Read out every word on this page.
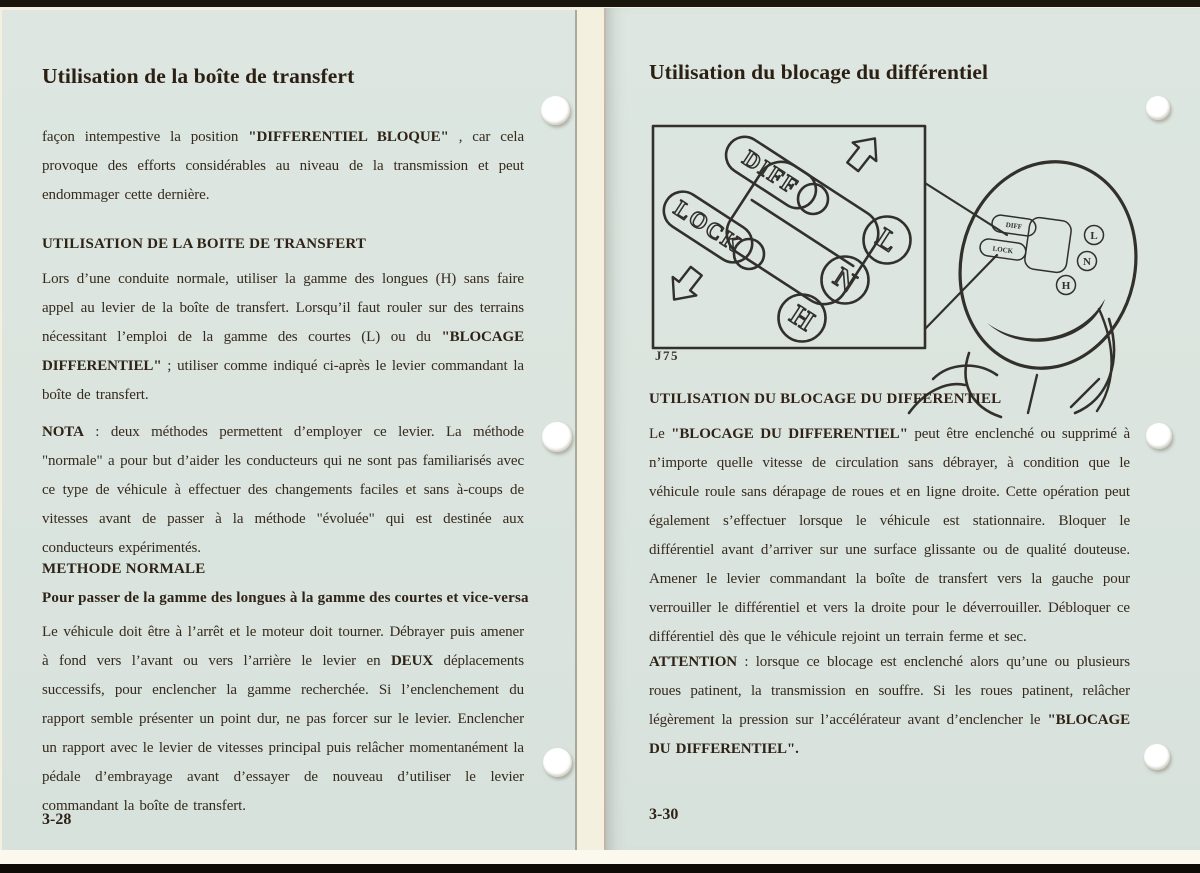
Utilisation de la boîte de transfert

façon intempestive la position "DIFFERENTIEL BLOQUE" , car cela provoque des efforts considérables au niveau de la transmission et peut endommager cette dernière.

UTILISATION DE LA BOITE DE TRANSFERT

Lors d’une conduite normale, utiliser la gamme des longues (H) sans faire appel au levier de la boîte de transfert. Lorsqu’il faut rouler sur des terrains nécessitant l’emploi de la gamme des courtes (L) ou du "BLOCAGE DIFFERENTIEL" ; utiliser comme indiqué ci-après le levier commandant la boîte de transfert.

NOTA : deux méthodes permettent d’employer ce levier. La méthode "normale" a pour but d’aider les conducteurs qui ne sont pas familiarisés avec ce type de véhicule à effectuer des changements faciles et sans à-coups de vitesses avant de passer à la méthode "évoluée" qui est destinée aux conducteurs expérimentés.

METHODE NORMALE
Pour passer de la gamme des longues à la gamme des courtes et vice-versa

Le véhicule doit être à l’arrêt et le moteur doit tourner. Débrayer puis amener à fond vers l’avant ou vers l’arrière le levier en DEUX déplacements successifs, pour enclencher la gamme recherchée. Si l’enclenchement du rapport semble présenter un point dur, ne pas forcer sur le levier. Enclencher un rapport avec le levier de vitesses principal puis relâcher momentanément la pédale d’embrayage avant d’essayer de nouveau d’utiliser le levier commandant la boîte de transfert.

3-28
Utilisation du blocage du différentiel
DIFF
LOCK	L
N
H
DIFF
LOCK
L
N
H
J75
UTILISATION DU BLOCAGE DU DIFFERENTIEL

Le "BLOCAGE DU DIFFERENTIEL" peut être enclenché ou supprimé à n’importe quelle vitesse de circulation sans débrayer, à condition que le véhicule roule sans dérapage de roues et en ligne droite. Cette opération peut également s’effectuer lorsque le véhicule est stationnaire. Bloquer le différentiel avant d’arriver sur une surface glissante ou de qualité douteuse. Amener le levier commandant la boîte de transfert vers la gauche pour verrouiller le différentiel et vers la droite pour le déverrouiller. Débloquer ce différentiel dès que le véhicule rejoint un terrain ferme et sec.

ATTENTION : lorsque ce blocage est enclenché alors qu’une ou plusieurs roues patinent, la transmission en souffre. Si les roues patinent, relâcher légèrement la pression sur l’accélérateur avant d’enclencher le "BLOCAGE DU DIFFERENTIEL".

3-30
